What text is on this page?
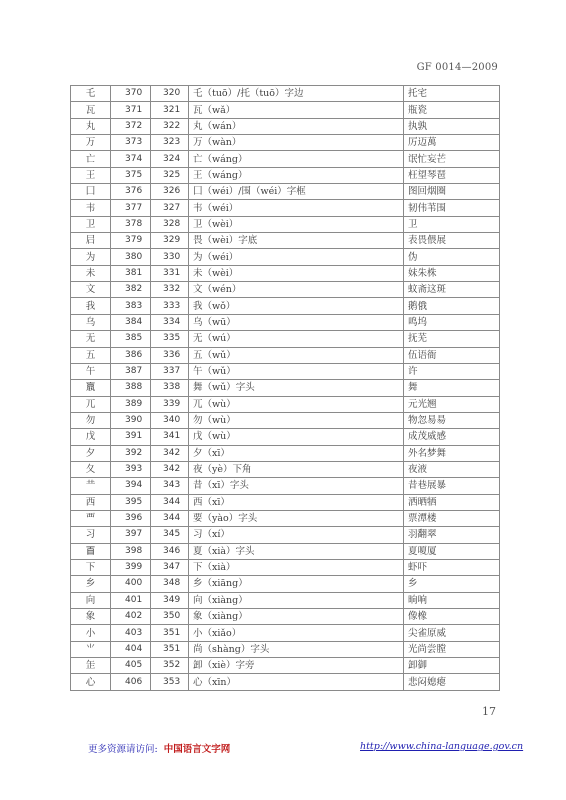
GF 0014—2009
乇	370	320	乇（tuō）/托（tuō）字边	托宅
瓦	371	321	瓦（wǎ）	瓶瓷
丸	372	322	丸（wán）	执孰
万	373	323	万（wàn）	厉迈萬
亡	374	324	亡（wáng）	氓忙妄芒
王	375	325	王（wáng）	枉望琴琶
囗	376	326	囗（wéi）/围（wéi）字框	图回烟圈
韦	377	327	韦（wéi）	韧伟苇围
卫	378	328	卫（wèi）	卫
𡰪	379	329	畏（wèi）字底	表畏偎展
为	380	330	为（wéi）	伪
未	381	331	未（wèi）	妹朱株
文	382	332	文（wén）	蚊斋这斑
我	383	333	我（wǒ）	鹅俄
乌	384	334	乌（wū）	鸣坞
无	385	335	无（wú）	抚芜
五	386	336	五（wǔ）	伍语衙
午	387	337	午（wǔ）	许
𣎆	388	338	舞（wǔ）字头	舞
兀	389	339	兀（wù）	元光翘
勿	390	340	勿（wù）	物忽易昜
戊	391	341	戊（wù）	成茂威感
夕	392	342	夕（xī）	外名梦舞
夂	393	342	夜（yè）下角	夜液
龷	394	343	昔（xī）字头	昔巷展暴
西	395	344	西（xī）	洒晒牺
覀	396	344	要（yào）字头	票潭楼
习	397	345	习（xí）	羽翻翠
𦣻	398	346	夏（xià）字头	夏嗄厦
下	399	347	下（xià）	虾吓
乡	400	348	乡（xiāng）	乡
向	401	349	向（xiàng）	晌响
象	402	350	象（xiàng）	像橡
小	403	351	小（xiǎo）	尖雀原威
⺌	404	351	尚（shàng）字头	光尚尝膛
𦈢	405	352	卸（xiè）字旁	卸御
心	406	353	心（xīn）	悲闷媳瘪
17
更多资源请访问: 中国语言文字网	http://www.china-language.gov.cn
